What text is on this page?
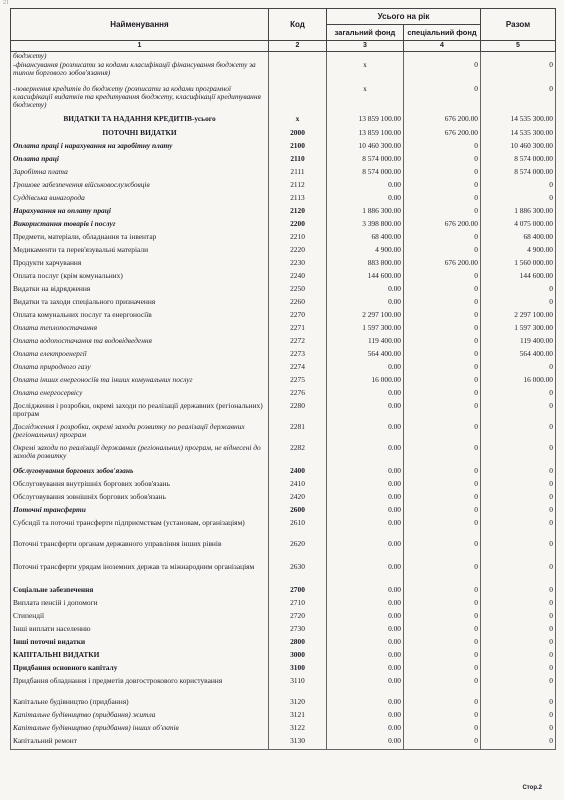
21
Найменування	Код	Усього на рік		Разом
		загальний фонд	спеціальний фонд	
1	2	3	4	5
бюджету)				
-фінансування (розписати за кодами класифікації фінансування бюджету за типом боргового зобов'язання)		x	0	0
-повернення кредитів до бюджету (розписати за кодами програмної класифікації видатків та кредитування бюджету, класифікації кредитування бюджету)		x	0	0
ВИДАТКИ ТА НАДАННЯ КРЕДИТІВ-усього	x	13 859 100.00	676 200.00	14 535 300.00
ПОТОЧНІ ВИДАТКИ	2000	13 859 100.00	676 200.00	14 535 300.00
Оплата праці і нарахування на заробітну плату	2100	10 460 300.00	0	10 460 300.00
Оплата праці	2110	8 574 000.00	0	8 574 000.00
Заробітна плата	2111	8 574 000.00	0	8 574 000.00
Грошове забезпечення військовослужбовців	2112	0.00	0	0
Суддівська винагорода	2113	0.00	0	0
Нарахування на оплату праці	2120	1 886 300.00	0	1 886 300.00
Використання товарів і послуг	2200	3 398 800.00	676 200.00	4 075 000.00
Предмети, матеріали, обладнання та інвентар	2210	68 400.00	0	68 400.00
Медикаменти та перев'язувальні матеріали	2220	4 900.00	0	4 900.00
Продукти харчування	2230	883 800.00	676 200.00	1 560 000.00
Оплата послуг (крім комунальних)	2240	144 600.00	0	144 600.00
Видатки на відрядження	2250	0.00	0	0
Видатки та заходи спеціального призначення	2260	0.00	0	0
Оплата комунальних послуг та енергоносіїв	2270	2 297 100.00	0	2 297 100.00
Оплата теплопостачання	2271	1 597 300.00	0	1 597 300.00
Оплата водопостачання та водовідведення	2272	119 400.00	0	119 400.00
Оплата електроенергії	2273	564 400.00	0	564 400.00
Оплата природного газу	2274	0.00	0	0
Оплата інших енергоносіїв та інших комунальних послуг	2275	16 000.00	0	16 000.00
Оплата енергосервісу	2276	0.00	0	0
Дослідження і розробки, окремі заходи по реалізації державних (регіональних) програм	2280	0.00	0	0
Дослідження і розробки, окремі заходи розвитку по реалізації державних (регіональних) програм	2281	0.00	0	0
Окремі заходи по реалізації державних (регіональних) програм, не віднесені до заходів розвитку	2282	0.00	0	0
Обслуговування боргових зобов'язань	2400	0.00	0	0
Обслуговування внутрішніх боргових зобов'язань	2410	0.00	0	0
Обслуговування зовнішніх боргових зобов'язань	2420	0.00	0	0
Поточні трансферти	2600	0.00	0	0
Субсидії та поточні трансферти підприємствам (установам, організаціям)	2610	0.00	0	0
Поточні трансферти органам державного управління інших рівнів	2620	0.00	0	0
Поточні трансферти урядам іноземних держав та міжнародним організаціям	2630	0.00	0	0
Соціальне забезпечення	2700	0.00	0	0
Виплата пенсій і допомоги	2710	0.00	0	0
Стипендії	2720	0.00	0	0
Інші виплати населенню	2730	0.00	0	0
Інші поточні видатки	2800	0.00	0	0
КАПІТАЛЬНІ ВИДАТКИ	3000	0.00	0	0
Придбання основного капіталу	3100	0.00	0	0
Придбання обладнання і предметів довгострокового користування	3110	0.00	0	0
Капітальне будівництво (придбання)	3120	0.00	0	0
Капітальне будівництво (придбання) житла	3121	0.00	0	0
Капітальне будівництво (придбання) інших об'єктів	3122	0.00	0	0
Капітальний ремонт	3130	0.00	0	0
Стор.2
